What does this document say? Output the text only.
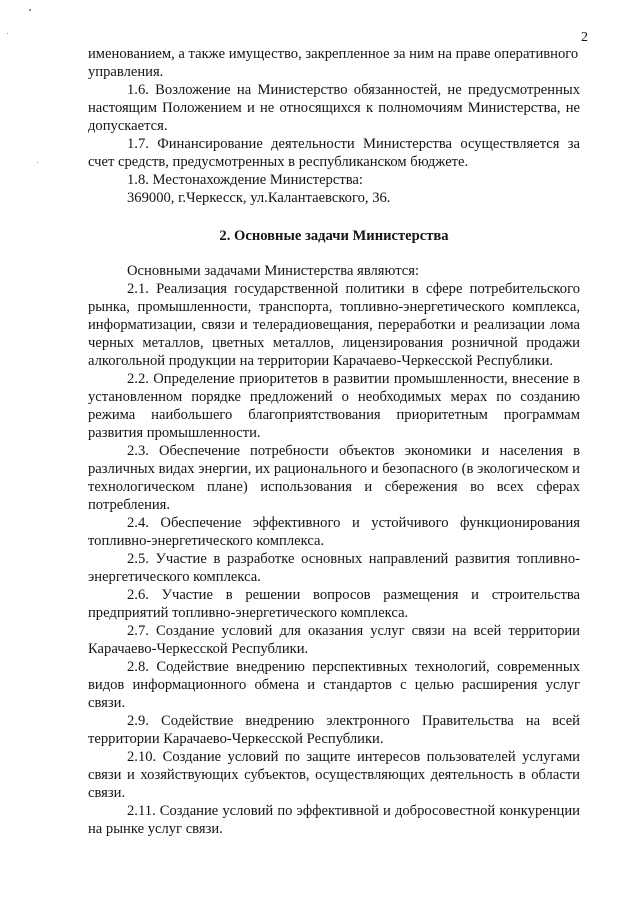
2

именованием, а также имущество, закрепленное за ним на праве оперативного управления.

1.6. Возложение на Министерство обязанностей, не предусмотренных настоящим Положением и не относящихся к полномочиям Министерства, не допускается.

1.7. Финансирование деятельности Министерства осуществляется за счет средств, предусмотренных в республиканском бюджете.

1.8. Местонахождение Министерства:

369000, г.Черкесск, ул.Калантаевского, 36.

2. Основные задачи Министерства

Основными задачами Министерства являются:

2.1. Реализация государственной политики в сфере потребительского рынка, промышленности, транспорта, топливно-энергетического комплекса, информатизации, связи и телерадиовещания, переработки и реализации лома черных металлов, цветных металлов, лицензирования розничной продажи алкогольной продукции на территории Карачаево-Черкесской Республики.

2.2. Определение приоритетов в развитии промышленности, внесение в установленном порядке предложений о необходимых мерах по созданию режима наибольшего благоприятствования приоритетным программам развития промышленности.

2.3. Обеспечение потребности объектов экономики и населения в различных видах энергии, их рационального и безопасного (в экологическом и технологическом плане) использования и сбережения во всех сферах потребления.

2.4. Обеспечение эффективного и устойчивого функционирования топливно-энергетического комплекса.

2.5. Участие в разработке основных направлений развития топливно-энергетического комплекса.

2.6. Участие в решении вопросов размещения и строительства предприятий топливно-энергетического комплекса.

2.7. Создание условий для оказания услуг связи на всей территории Карачаево-Черкесской Республики.

2.8. Содействие внедрению перспективных технологий, современных видов информационного обмена и стандартов с целью расширения услуг связи.

2.9. Содействие внедрению электронного Правительства на всей территории Карачаево-Черкесской Республики.

2.10. Создание условий по защите интересов пользователей услугами связи и хозяйствующих субъектов, осуществляющих деятельность в области связи.

2.11. Создание условий по эффективной и добросовестной конкуренции на рынке услуг связи.
